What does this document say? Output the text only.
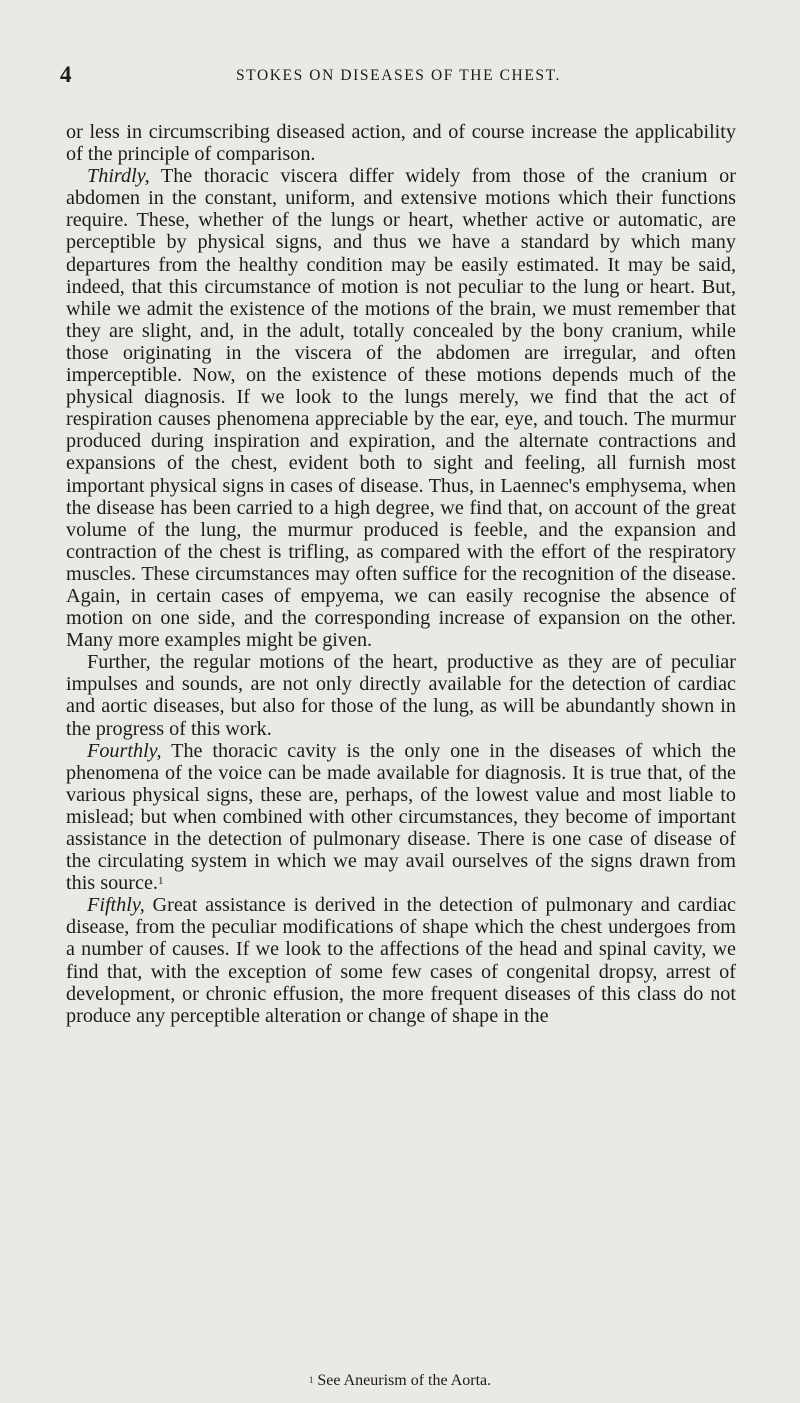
4	STOKES ON DISEASES OF THE CHEST.

or less in circumscribing diseased action, and of course increase the applicability of the principle of comparison.

Thirdly, The thoracic viscera differ widely from those of the cranium or abdomen in the constant, uniform, and extensive motions which their functions require. These, whether of the lungs or heart, whether active or automatic, are perceptible by physical signs, and thus we have a standard by which many departures from the healthy condition may be easily estimated. It may be said, indeed, that this circumstance of motion is not peculiar to the lung or heart. But, while we admit the existence of the motions of the brain, we must remember that they are slight, and, in the adult, totally concealed by the bony cranium, while those originating in the viscera of the abdomen are irregular, and often imperceptible. Now, on the existence of these motions depends much of the physical diagnosis. If we look to the lungs merely, we find that the act of respiration causes phenomena appreciable by the ear, eye, and touch. The murmur produced during inspiration and expiration, and the alternate contractions and expansions of the chest, evident both to sight and feeling, all furnish most important physical signs in cases of disease. Thus, in Laennec's emphysema, when the disease has been carried to a high degree, we find that, on account of the great volume of the lung, the murmur produced is feeble, and the expansion and contraction of the chest is trifling, as compared with the effort of the respiratory muscles. These circumstances may often suffice for the recognition of the disease. Again, in certain cases of empyema, we can easily recognise the absence of motion on one side, and the corresponding increase of expansion on the other. Many more examples might be given.

Further, the regular motions of the heart, productive as they are of peculiar impulses and sounds, are not only directly available for the detection of cardiac and aortic diseases, but also for those of the lung, as will be abundantly shown in the progress of this work.

Fourthly, The thoracic cavity is the only one in the diseases of which the phenomena of the voice can be made available for diagnosis. It is true that, of the various physical signs, these are, perhaps, of the lowest value and most liable to mislead; but when combined with other circumstances, they become of important assistance in the detection of pulmonary disease. There is one case of disease of the circulating system in which we may avail ourselves of the signs drawn from this source.$^1$

Fifthly, Great assistance is derived in the detection of pulmonary and cardiac disease, from the peculiar modifications of shape which the chest undergoes from a number of causes. If we look to the affections of the head and spinal cavity, we find that, with the exception of some few cases of congenital dropsy, arrest of development, or chronic effusion, the more frequent diseases of this class do not produce any perceptible alteration or change of shape in the

$^1$ See Aneurism of the Aorta.
